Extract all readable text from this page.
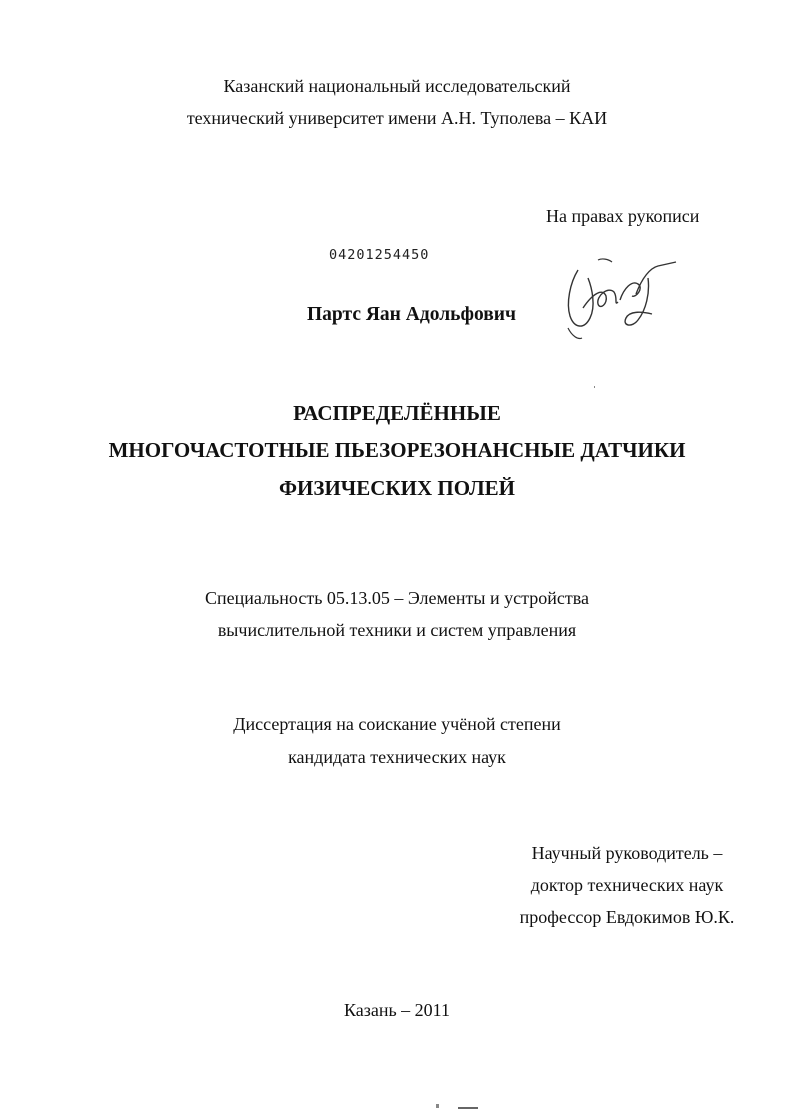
Казанский национальный исследовательский
технический университет имени А.Н. Туполева – КАИ
На правах рукописи
04201254450
Партс Яан Адольфович
РАСПРЕДЕЛЁННЫЕ
МНОГОЧАСТОТНЫЕ ПЬЕЗОРЕЗОНАНСНЫЕ ДАТЧИКИ
ФИЗИЧЕСКИХ ПОЛЕЙ
Специальность 05.13.05 – Элементы и устройства
вычислительной техники и систем управления
Диссертация на соискание учёной степени
кандидата технических наук
Научный руководитель –
доктор технических наук
профессор Евдокимов Ю.К.
Казань – 2011
